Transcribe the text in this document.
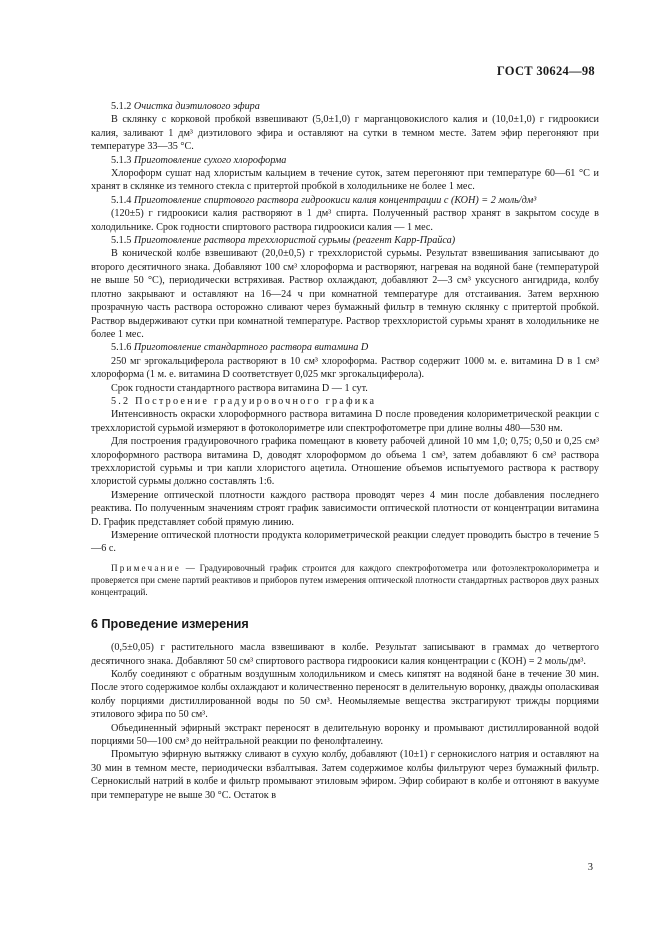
ГОСТ 30624—98

5.1.2 Очистка диэтилового эфира

В склянку с корковой пробкой взвешивают (5,0±1,0) г марганцовокислого калия и (10,0±1,0) г гидроокиси калия, заливают 1 дм³ диэтилового эфира и оставляют на сутки в темном месте. Затем эфир перегоняют при температуре 33—35 °С.

5.1.3 Приготовление сухого хлороформа

Хлороформ сушат над хлористым кальцием в течение суток, затем перегоняют при температуре 60—61 °С и хранят в склянке из темного стекла с притертой пробкой в холодильнике не более 1 мес.

5.1.4 Приготовление спиртового раствора гидроокиси калия концентрации с (КОН) = 2 моль/дм³

(120±5) г гидроокиси калия растворяют в 1 дм³ спирта. Полученный раствор хранят в закрытом сосуде в холодильнике. Срок годности спиртового раствора гидроокиси калия — 1 мес.

5.1.5 Приготовление раствора треххлористой сурьмы (реагент Карр-Прайса)

В конической колбе взвешивают (20,0±0,5) г треххлористой сурьмы. Результат взвешивания записывают до второго десятичного знака. Добавляют 100 см³ хлороформа и растворяют, нагревая на водяной бане (температурой не выше 50 °С), периодически встряхивая. Раствор охлаждают, добавляют 2—3 см³ уксусного ангидрида, колбу плотно закрывают и оставляют на 16—24 ч при комнатной температуре для отстаивания. Затем верхнюю прозрачную часть раствора осторожно сливают через бумажный фильтр в темную склянку с притертой пробкой. Раствор выдерживают сутки при комнатной температуре. Раствор треххлористой сурьмы хранят в холодильнике не более 1 мес.

5.1.6 Приготовление стандартного раствора витамина D

250 мг эргокальциферола растворяют в 10 см³ хлороформа. Раствор содержит 1000 м. е. витамина D в 1 см³ хлороформа (1 м. е. витамина D соответствует 0,025 мкг эргокальциферола).

Срок годности стандартного раствора витамина D — 1 сут.

5.2 Построение градуировочного графика

Интенсивность окраски хлороформного раствора витамина D после проведения колориметрической реакции с треххлористой сурьмой измеряют в фотоколориметре или спектрофотометре при длине волны 480—530 нм.

Для построения градуировочного графика помещают в кювету рабочей длиной 10 мм 1,0; 0,75; 0,50 и 0,25 см³ хлороформного раствора витамина D, доводят хлороформом до объема 1 см³, затем добавляют 6 см³ раствора треххлористой сурьмы и три капли хлористого ацетила. Отношение объемов испытуемого раствора к раствору хлористой сурьмы должно составлять 1:6.

Измерение оптической плотности каждого раствора проводят через 4 мин после добавления последнего реактива. По полученным значениям строят график зависимости оптической плотности от концентрации витамина D. График представляет собой прямую линию.

Измерение оптической плотности продукта колориметрической реакции следует проводить быстро в течение 5—6 с.

Примечание — Градуировочный график строится для каждого спектрофотометра или фотоэлектроколориметра и проверяется при смене партий реактивов и приборов путем измерения оптической плотности стандартных растворов двух разных концентраций.

6 Проведение измерения

(0,5±0,05) г растительного масла взвешивают в колбе. Результат записывают в граммах до четвертого десятичного знака. Добавляют 50 см³ спиртового раствора гидроокиси калия концентрации с (КОН) = 2 моль/дм³.

Колбу соединяют с обратным воздушным холодильником и смесь кипятят на водяной бане в течение 30 мин. После этого содержимое колбы охлаждают и количественно переносят в делительную воронку, дважды ополаскивая колбу порциями дистиллированной воды по 50 см³. Неомыляемые вещества экстрагируют трижды порциями этилового эфира по 50 см³.

Объединенный эфирный экстракт переносят в делительную воронку и промывают дистиллированной водой порциями 50—100 см³ до нейтральной реакции по фенолфталеину.

Промытую эфирную вытяжку сливают в сухую колбу, добавляют (10±1) г сернокислого натрия и оставляют на 30 мин в темном месте, периодически взбалтывая. Затем содержимое колбы фильтруют через бумажный фильтр. Сернокислый натрий в колбе и фильтр промывают этиловым эфиром. Эфир собирают в колбе и отгоняют в вакууме при температуре не выше 30 °С. Остаток в

3
